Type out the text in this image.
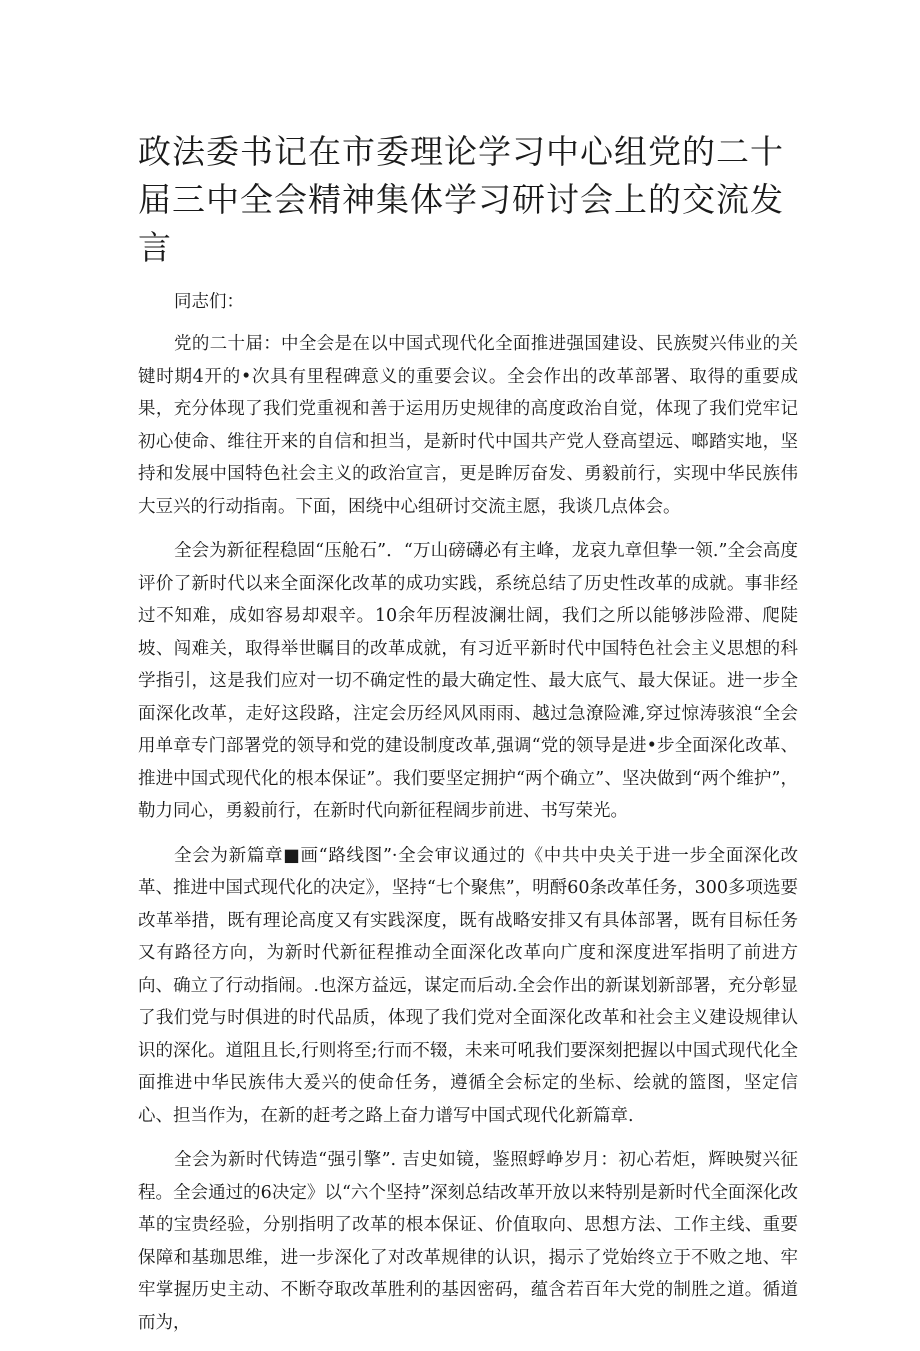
政法委书记在市委理论学习中心组党的二十届三中全会精神集体学习研讨会上的交流发言

同志们：

党的二十届：中全会是在以中国式现代化全面推进强国建设、民族熨兴伟业的关键时期4开的•次具有里程碑意义的重要会议。全会作出的改革部署、取得的重要成果，充分体现了我们党重视和善于运用历史规律的高度政治自觉，体现了我们党牢记初心使命、维往开来的自信和担当，是新时代中国共产党人登高望远、啷踏实地，坚持和发展中国特色社会主义的政治宣言，更是眸厉奋发、勇毅前行，实现中华民族伟大豆兴的行动指南。下面，困绕中心组研讨交流主愿，我谈几点体会。

全会为新征程稳固“压舱石”．“万山磅礴必有主峰，龙哀九章但挚一领.”全会高度评价了新时代以来全面深化改革的成功实践，系统总结了历史性改革的成就。事非经过不知难，成如容易却艰辛。10余年历程波澜壮阔，我们之所以能够涉险滞、爬陡坡、闯难关，取得举世瞩目的改革成就，有习近平新时代中国特色社会主义思想的科学指引，这是我们应对一切不确定性的最大确定性、最大底气、最大保证。进一步全面深化改革，走好这段路，注定会历经风风雨雨、越过急潦险滩,穿过惊涛骇浪“全会用单章专门部署党的领导和党的建设制度改革,强调“党的领导是进•步全面深化改革、推进中国式现代化的根本保证”。我们要坚定拥护“两个确立”、坚决做到“两个维护”，勒力同心，勇毅前行，在新时代向新征程阔步前进、书写荣光。

全会为新篇章■画“路线图”·全会审议通过的《中共中央关于进一步全面深化改革、推进中国式现代化的决定》，坚持“七个聚焦”，明酹60条改革任务，300多项选要改革举措，既有理论高度又有实践深度，既有战略安排又有具体部署，既有目标任务又有路径方向，为新时代新征程推动全面深化改革向广度和深度进军指明了前进方向、确立了行动指闹。.也深方益远，谋定而后动.全会作出的新谋划新部署，充分彰显了我们党与时俱进的时代品质，体现了我们党对全面深化改革和社会主义建设规律认识的深化。道阻且长,行则将至;行而不辍，未来可吼我们要深刻把握以中国式现代化全面推进中华民族伟大爰兴的使命任务，遵循全会标定的坐标、绘就的篮图，坚定信心、担当作为，在新的赶考之路上奋力谱写中国式现代化新篇章.

全会为新时代铸造“强引擎”. 吉史如镜，鉴照蜉峥岁月：初心若炬，辉映熨兴征程。全会通过的6决定》以“六个坚持”深刻总结改革开放以来特别是新时代全面深化改革的宝贵经验，分别指明了改革的根本保证、价值取向、思想方法、工作主线、重要保障和基珈思维，进一步深化了对改革规律的认识，揭示了党始终立于不败之地、牢牢掌握历史主动、不断夺取改革胜利的基因密码，蕴含若百年大党的制胜之道。循道而为，
